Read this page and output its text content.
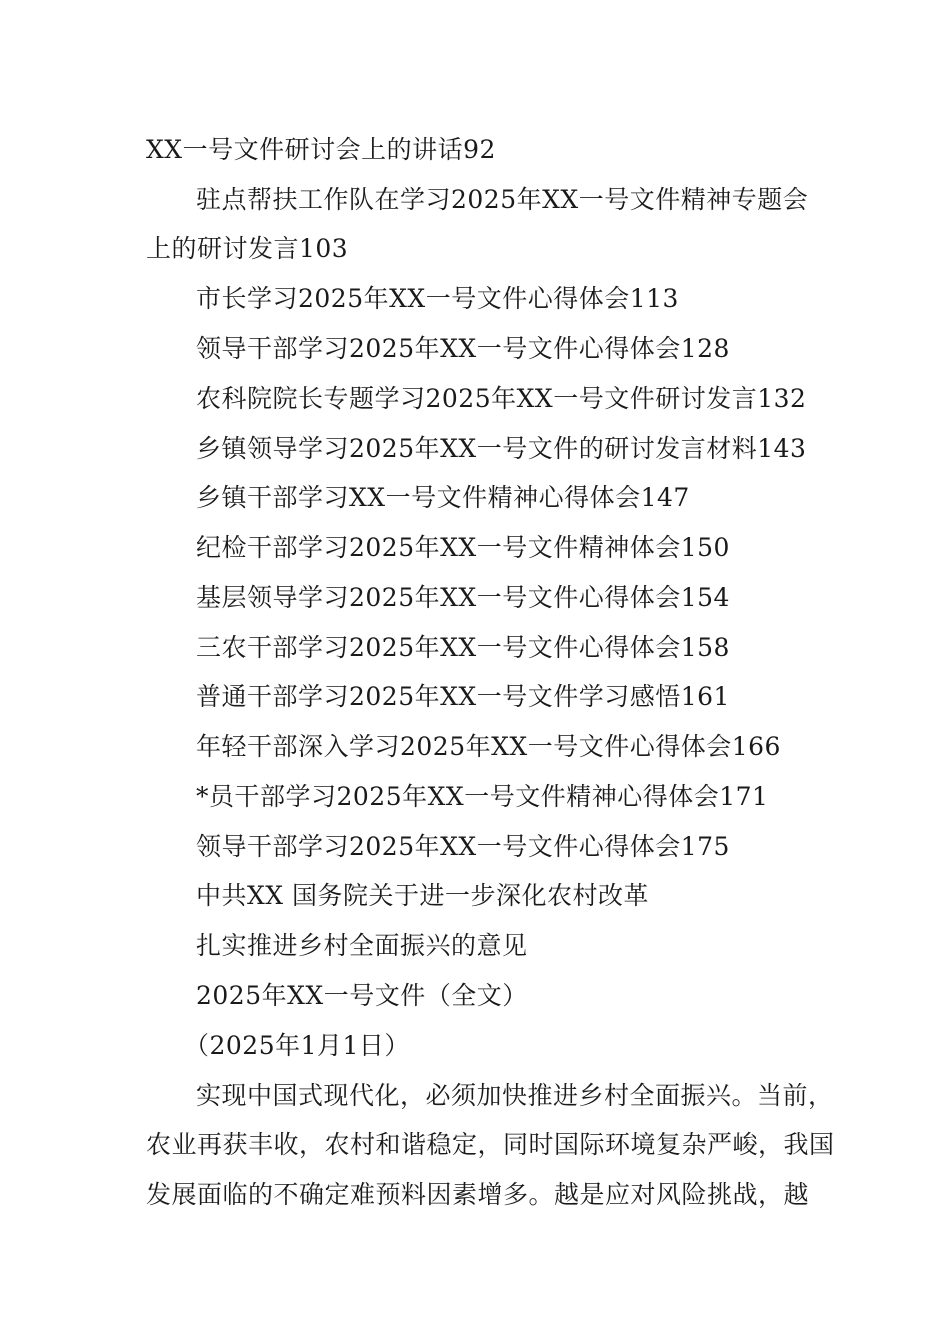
XX一号文件研讨会上的讲话92
驻点帮扶工作队在学习2025年XX一号文件精神专题会
上的研讨发言103
市长学习2025年XX一号文件心得体会113
领导干部学习2025年XX一号文件心得体会128
农科院院长专题学习2025年XX一号文件研讨发言132
乡镇领导学习2025年XX一号文件的研讨发言材料143
乡镇干部学习XX一号文件精神心得体会147
纪检干部学习2025年XX一号文件精神体会150
基层领导学习2025年XX一号文件心得体会154
三农干部学习2025年XX一号文件心得体会158
普通干部学习2025年XX一号文件学习感悟161
年轻干部深入学习2025年XX一号文件心得体会166
*员干部学习2025年XX一号文件精神心得体会171
领导干部学习2025年XX一号文件心得体会175
中共XX 国务院关于进一步深化农村改革
扎实推进乡村全面振兴的意见
2025年XX一号文件（全文）
（2025年1月1日）
实现中国式现代化，必须加快推进乡村全面振兴。当前，
农业再获丰收，农村和谐稳定，同时国际环境复杂严峻，我国
发展面临的不确定难预料因素增多。越是应对风险挑战，越
